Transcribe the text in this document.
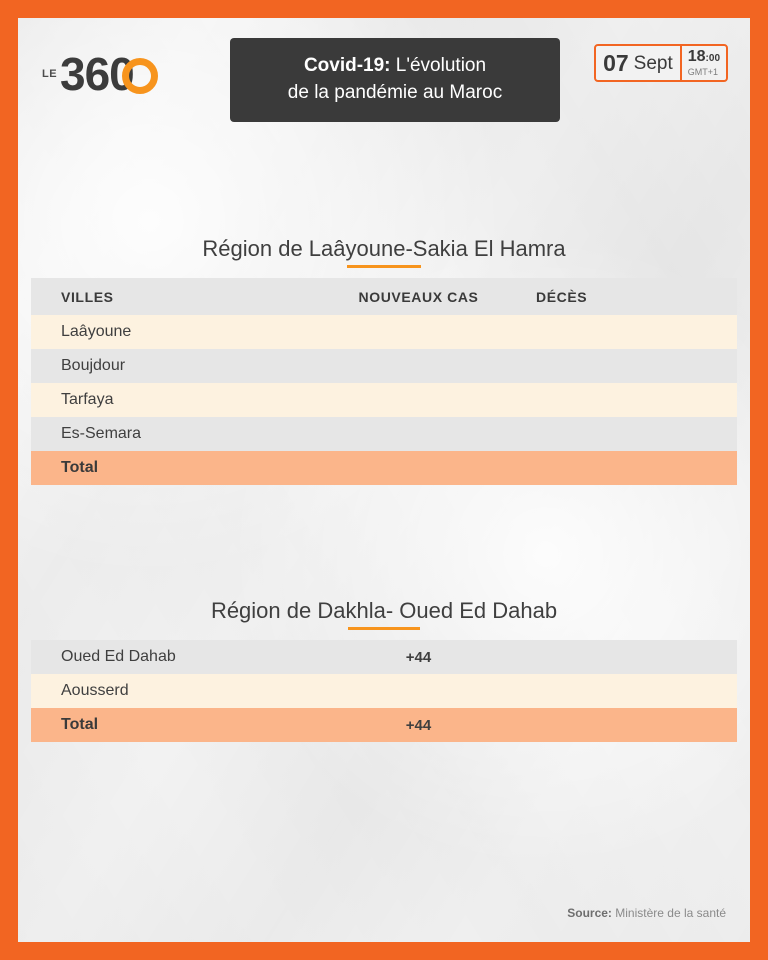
LE 360	Covid-19: L'évolution
de la pandémie au Maroc
07 Sept 18:00
GMT+1
Région de Laâyoune-Sakia El Hamra
VILLES	NOUVEAUX CAS	DÉCÈS
Laâyoune		
Boujdour		
Tarfaya		
Es-Semara		
Total		
Région de Dakhla- Oued Ed Dahab
Oued Ed Dahab	+44	
Aousserd		
Total	+44	
Source: Ministère de la santé
